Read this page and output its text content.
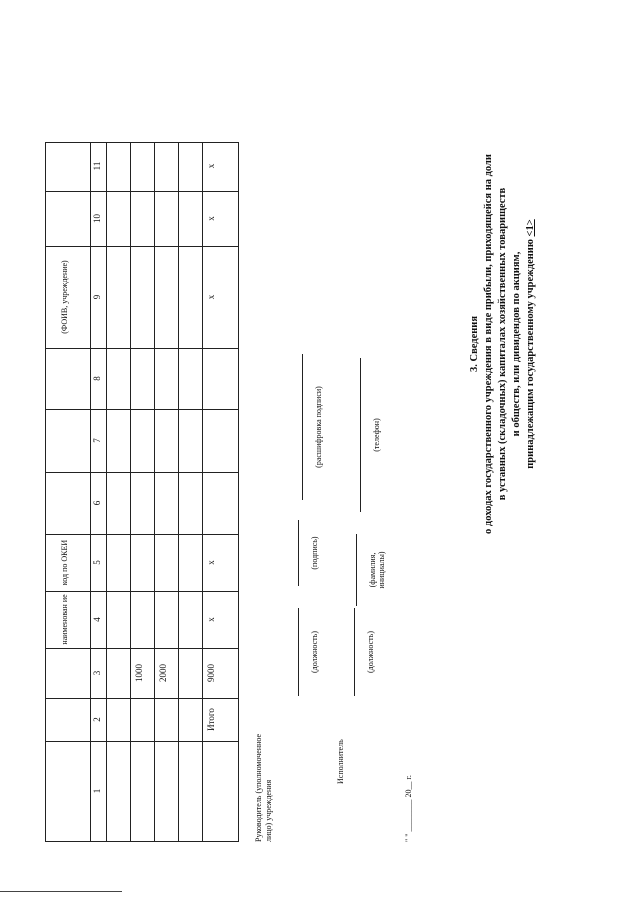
наименован ие
код по ОКЕИ
(ФОИВ, учреждение)
1
2
3
4
5
6
7
8
9
10
11
1000 2000
Итого
9000
x
x
x
x
x
Руководитель (уполномоченное лицо) учреждения
(должность)
(подпись)
(расшифровка подписи)
Исполнитель
(должность)
(фамилия, инициалы)
(телефон)
" " ________ 20__ г.
3. Сведения о доходах государственного учреждения в виде прибыли, приходящейся на доли в уставных (складочных) капиталах хозяйственных товариществ и обществ, или дивидендов по акциям, принадлежащим государственному учреждению <1>
